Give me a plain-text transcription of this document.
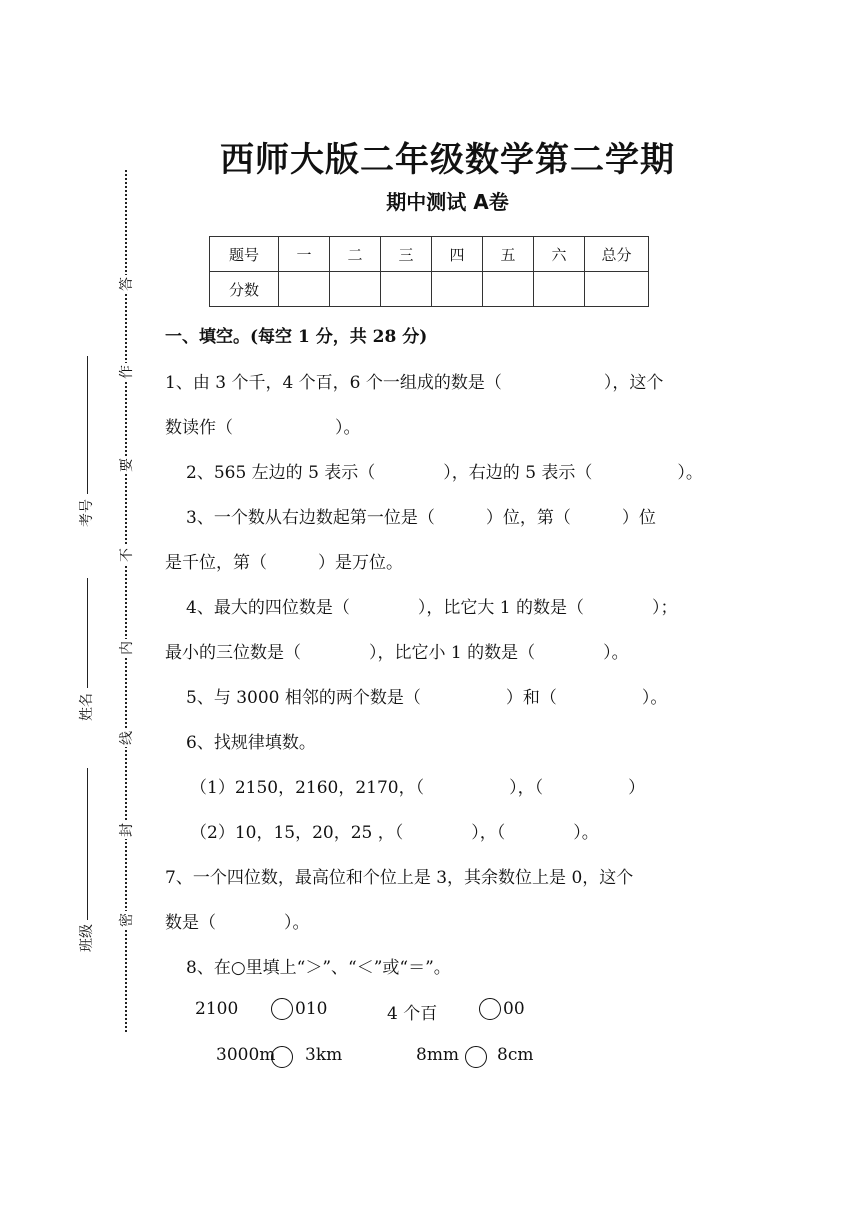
答
作
要
不
内
线
封
密
考号
姓名
班级
西师大版二年级数学第二学期
期中测试 A卷
题号	一	二	三	四	五	六	总分
分数							
一、填空。(每空 1 分，共 28 分)
1、由 3 个千，4 个百，6 个一组成的数是（　　　　　　），这个
数读作（　　　　　　）。
2、565 左边的 5 表示（　　　　），右边的 5 表示（　　　　　）。
3、一个数从右边数起第一位是（　　　）位，第（　　　）位
是千位，第（　　　）是万位。
4、最大的四位数是（　　　　），比它大 1 的数是（　　　　）；
最小的三位数是（　　　　），比它小 1 的数是（　　　　）。
5、与 3000 相邻的两个数是（　　　　　）和（　　　　　）。
6、找规律填数。
（1）2150，2160，2170，（　　　　　），（　　　　　）
（2）10，15，20，25 ，（　　　　），（　　　　）。
7、一个四位数，最高位和个位上是 3，其余数位上是 0，这个
数是（　　　　）。
8、在○里填上“＞”、“＜”或“＝”。
2100	010	4 个百	00
3000m 3km	8mm 8cm
